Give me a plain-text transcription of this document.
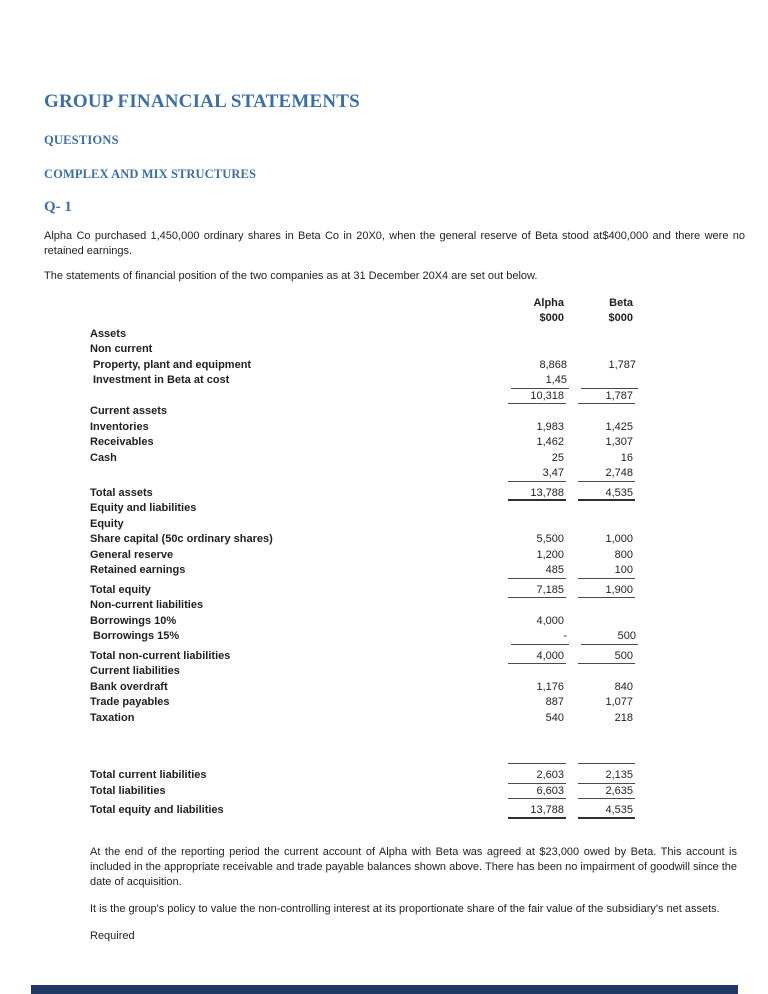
GROUP FINANCIAL STATEMENTS
QUESTIONS
COMPLEX AND MIX STRUCTURES
Q- 1

Alpha Co purchased 1,450,000 ordinary shares in Beta Co in 20X0, when the general reserve of Beta stood at$400,000 and there were no retained earnings.

The statements of financial position of the two companies as at 31 December 20X4 are set out below.

Alpha	Beta
$000	$000
Assets
Non current
Property, plant and equipment	8,868	1,787
Investment in Beta at cost	1,45
10,318	1,787
Current assets
Inventories	1,983	1,425
Receivables	1,462	1,307
Cash	25	16
3,47	2,748
Total assets	13,788	4,535
Equity and liabilities
Equity
Share capital (50c ordinary shares)	5,500	1,000
General reserve	1,200	800
Retained earnings	485	100
Total equity	7,185	1,900
Non-current liabilities
Borrowings 10%	4,000
Borrowings 15%	-	500
Total non-current liabilities	4,000	500
Current liabilities
Bank overdraft	1,176	840
Trade payables	887	1,077
Taxation	540	218
Total current liabilities	2,603	2,135
Total liabilities	6,603	2,635
Total equity and liabilities	13,788	4,535

At the end of the reporting period the current account of Alpha with Beta was agreed at $23,000 owed by Beta. This account is included in the appropriate receivable and trade payable balances shown above. There has been no impairment of goodwill since the date of acquisition.

It is the group's policy to value the non-controlling interest at its proportionate share of the fair value of the subsidiary's net assets.

Required
